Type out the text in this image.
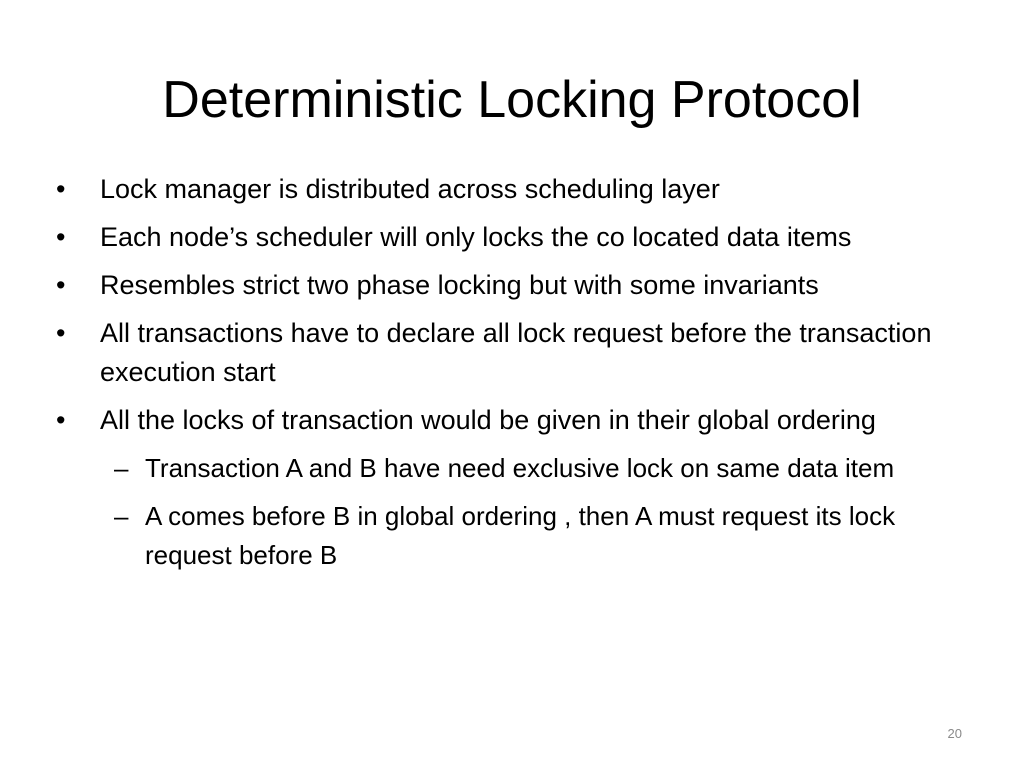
Deterministic Locking Protocol
•	Lock manager is distributed across scheduling layer
•	Each node’s scheduler will only locks the co located data items
•	Resembles strict two phase locking but with some invariants
•	All transactions have to declare all lock request before the transaction execution start
•	All the locks of transaction would be given in their global ordering
– Transaction A and B have need exclusive lock on same data item
– A comes before B in global ordering , then A must request its lock request before B
20
